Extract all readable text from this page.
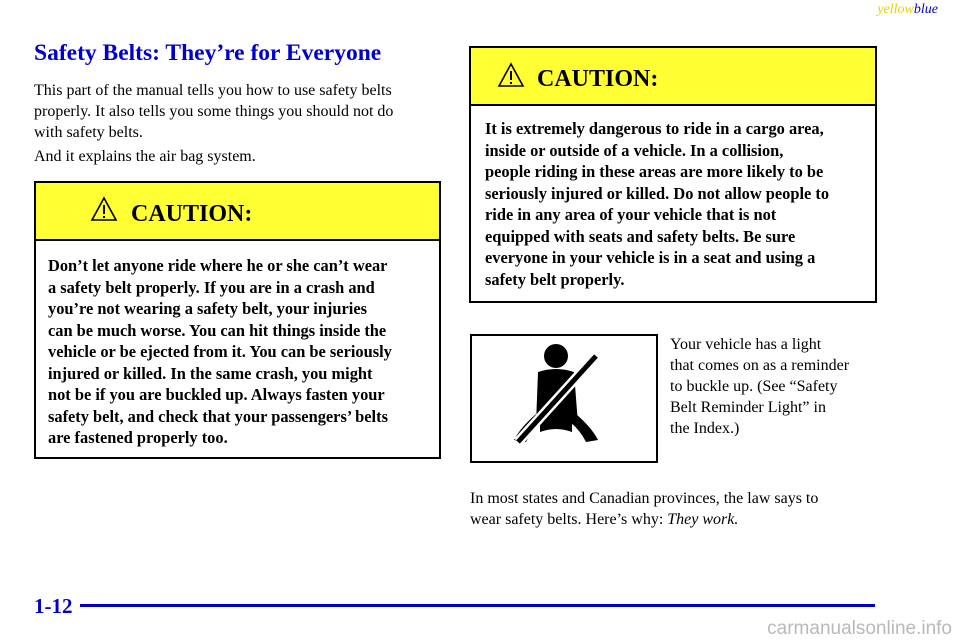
yellowblue
Safety Belts: They’re for Everyone

This part of the manual tells you how to use safety belts
properly. It also tells you some things you should not do
with safety belts.

And it explains the air bag system.

CAUTION:

Don’t let anyone ride where he or she can’t wear
a safety belt properly. If you are in a crash and
you’re not wearing a safety belt, your injuries
can be much worse. You can hit things inside the
vehicle or be ejected from it. You can be seriously
injured or killed. In the same crash, you might
not be if you are buckled up. Always fasten your
safety belt, and check that your passengers’ belts
are fastened properly too.

CAUTION:

It is extremely dangerous to ride in a cargo area,
inside or outside of a vehicle. In a collision,
people riding in these areas are more likely to be
seriously injured or killed. Do not allow people to
ride in any area of your vehicle that is not
equipped with seats and safety belts. Be sure
everyone in your vehicle is in a seat and using a
safety belt properly.

Your vehicle has a light
that comes on as a reminder
to buckle up. (See “Safety
Belt Reminder Light” in
the Index.)

In most states and Canadian provinces, the law says to
wear safety belts. Here’s why: They work.

1-12
carmanualsonline.info
